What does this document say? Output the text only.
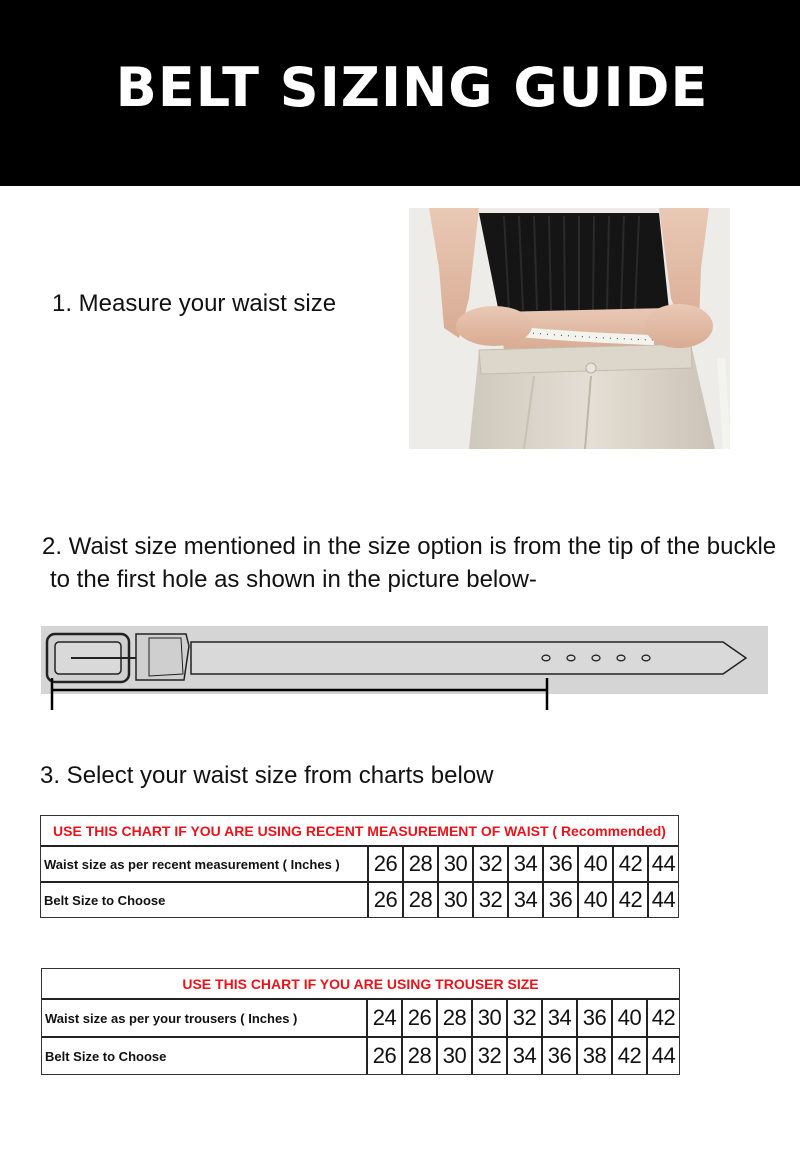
BELT SIZING GUIDE
1. Measure your waist size
2. Waist size mentioned in the size option is from the tip of the buckle
to the first hole as shown in the picture below-
3. Select your waist size from charts below
USE THIS CHART IF YOU ARE USING RECENT MEASUREMENT OF WAIST ( Recommended)
Waist size as per recent measurement ( Inches )	26 28 30 32 34 36 40 42 44
Belt Size to Choose	26 28 30 32 34 36 40 42 44
USE THIS CHART IF YOU ARE USING TROUSER SIZE
Waist size as per your trousers ( Inches )	24 26 28 30 32 34 36 40 42
Belt Size to Choose	26 28 30 32 34 36 38 42 44
